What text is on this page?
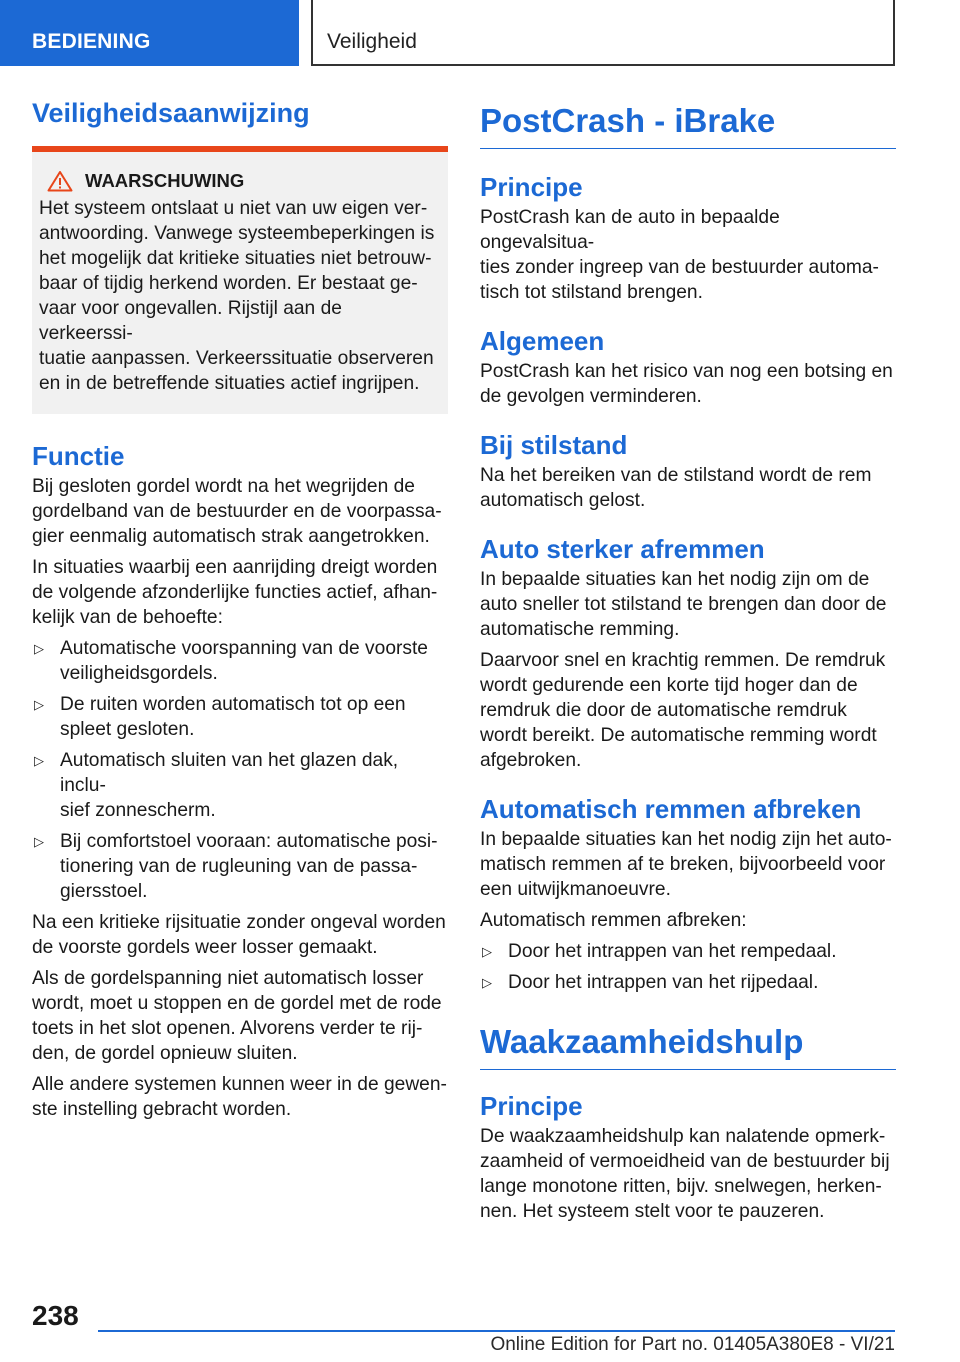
BEDIENING	Veiligheid
Veiligheidsaanwijzing
WAARSCHUWING
Het systeem ontslaat u niet van uw eigen ver-
antwoording. Vanwege systeembeperkingen is
het mogelijk dat kritieke situaties niet betrouw-
baar of tijdig herkend worden. Er bestaat ge-
vaar voor ongevallen. Rijstijl aan de verkeerssi-
tuatie aanpassen. Verkeerssituatie observeren
en in de betreffende situaties actief ingrijpen.
Functie

Bij gesloten gordel wordt na het wegrijden de
gordelband van de bestuurder en de voorpassa-
gier eenmalig automatisch strak aangetrokken.

In situaties waarbij een aanrijding dreigt worden
de volgende afzonderlijke functies actief, afhan-
kelijk van de behoefte:

▷ Automatische voorspanning van de voorste
veiligheidsgordels.
▷ De ruiten worden automatisch tot op een
spleet gesloten.
▷ Automatisch sluiten van het glazen dak, inclu-
sief zonnescherm.
▷ Bij comfortstoel vooraan: automatische posi-
tionering van de rugleuning van de passa-
giersstoel.

Na een kritieke rijsituatie zonder ongeval worden
de voorste gordels weer losser gemaakt.

Als de gordelspanning niet automatisch losser
wordt, moet u stoppen en de gordel met de rode
toets in het slot openen. Alvorens verder te rij-
den, de gordel opnieuw sluiten.

Alle andere systemen kunnen weer in de gewen-
ste instelling gebracht worden.

PostCrash - iBrake
Principe

PostCrash kan de auto in bepaalde ongevalsitua-
ties zonder ingreep van de bestuurder automa-
tisch tot stilstand brengen.

Algemeen

PostCrash kan het risico van nog een botsing en
de gevolgen verminderen.

Bij stilstand

Na het bereiken van de stilstand wordt de rem
automatisch gelost.

Auto sterker afremmen

In bepaalde situaties kan het nodig zijn om de
auto sneller tot stilstand te brengen dan door de
automatische remming.

Daarvoor snel en krachtig remmen. De remdruk
wordt gedurende een korte tijd hoger dan de
remdruk die door de automatische remdruk
wordt bereikt. De automatische remming wordt
afgebroken.

Automatisch remmen afbreken

In bepaalde situaties kan het nodig zijn het auto-
matisch remmen af te breken, bijvoorbeeld voor
een uitwijkmanoeuvre.

Automatisch remmen afbreken:

▷ Door het intrappen van het rempedaal.
▷ Door het intrappen van het rijpedaal.
Waakzaamheidshulp
Principe

De waakzaamheidshulp kan nalatende opmerk-
zaamheid of vermoeidheid van de bestuurder bij
lange monotone ritten, bijv. snelwegen, herken-
nen. Het systeem stelt voor te pauzeren.

238
Online Edition for Part no. 01405A380E8 - VI/21
